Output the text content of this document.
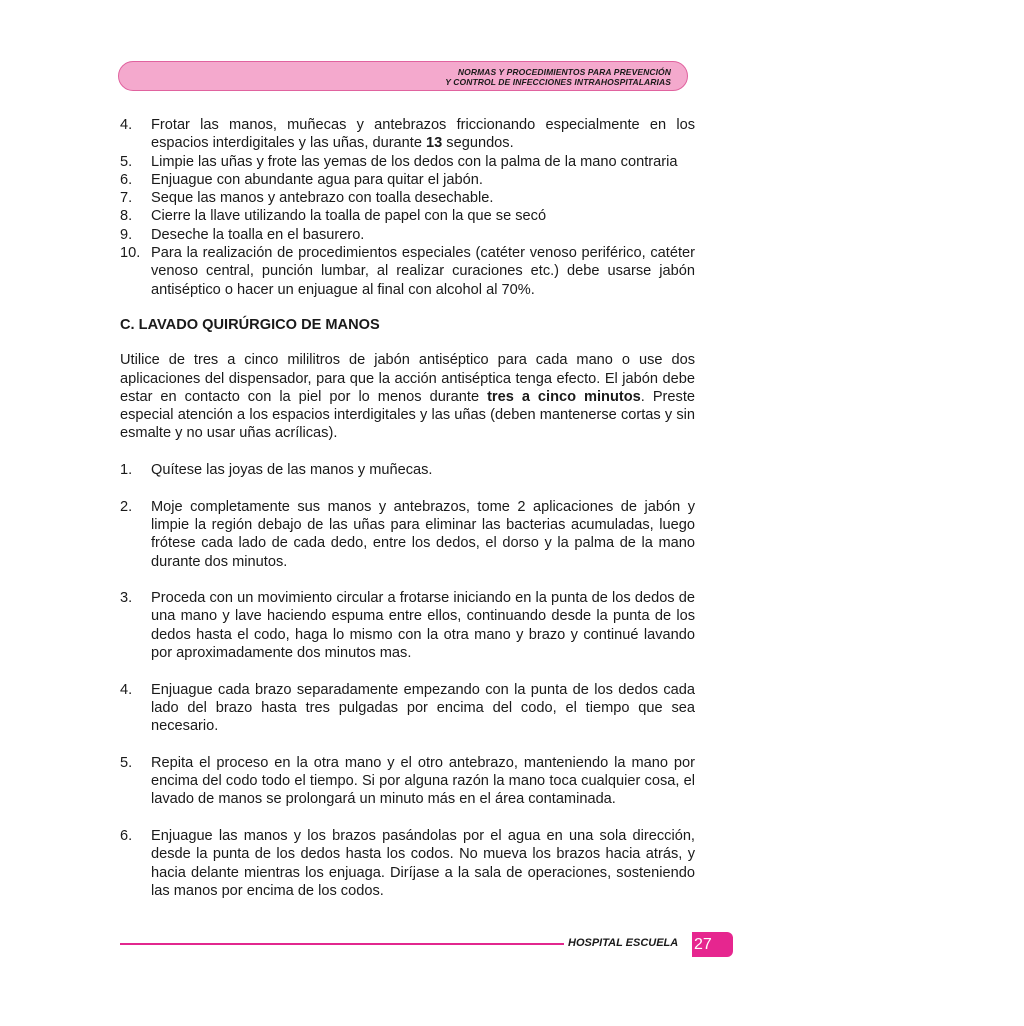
NORMAS Y PROCEDIMIENTOS PARA PREVENCIÓN
Y CONTROL DE INFECCIONES INTRAHOSPITALARIAS
4.	Frotar las manos, muñecas y antebrazos friccionando especialmente en los espacios interdigitales y las uñas, durante 13 segundos.
5.	Limpie las uñas y frote las yemas de los dedos con la palma de la mano contraria
6.	Enjuague con abundante agua para quitar el jabón.
7.	Seque las manos y antebrazo con toalla desechable.
8.	Cierre la llave utilizando la toalla de papel con la que se secó
9.	Deseche la toalla en el basurero.
10. Para la realización de procedimientos especiales (catéter venoso periférico, catéter venoso central, punción lumbar, al realizar curaciones etc.) debe usarse jabón antiséptico o hacer un enjuague al final con alcohol al 70%.
C. LAVADO QUIRÚRGICO DE MANOS
Utilice de tres a cinco mililitros de jabón antiséptico para cada mano o use dos aplicaciones del dispensador, para que la acción antiséptica tenga efecto. El jabón debe estar en contacto con la piel por lo menos durante tres a cinco minutos. Preste especial atención a los espacios interdigitales y las uñas (deben mantenerse cortas y sin esmalte y no usar uñas acrílicas).
1.	Quítese las joyas de las manos y muñecas.
2.	Moje completamente sus manos y antebrazos, tome 2 aplicaciones de jabón y limpie la región debajo de las uñas para eliminar las bacterias acumuladas, luego frótese cada lado de cada dedo, entre los dedos, el dorso y la palma de la mano durante dos minutos.
3.	Proceda con un movimiento circular a frotarse iniciando en la punta de los dedos de una mano y lave haciendo espuma entre ellos, continuando desde la punta de los dedos hasta el codo, haga lo mismo con la otra mano y brazo y continué lavando por aproximadamente dos minutos mas.
4.	Enjuague cada brazo separadamente empezando con la punta de los dedos cada lado del brazo hasta tres pulgadas por encima del codo, el tiempo que sea necesario.
5.	Repita el proceso en la otra mano y el otro antebrazo, manteniendo la mano por encima del codo todo el tiempo. Si por alguna razón la mano toca cualquier cosa, el lavado de manos se prolongará un minuto más en el área contaminada.
6.	Enjuague las manos y los brazos pasándolas por el agua en una sola dirección, desde la punta de los dedos hasta los codos. No mueva los brazos hacia atrás, y hacia delante mientras los enjuaga. Diríjase a la sala de operaciones, sosteniendo las manos por encima de los codos.
HOSPITAL ESCUELA 27
